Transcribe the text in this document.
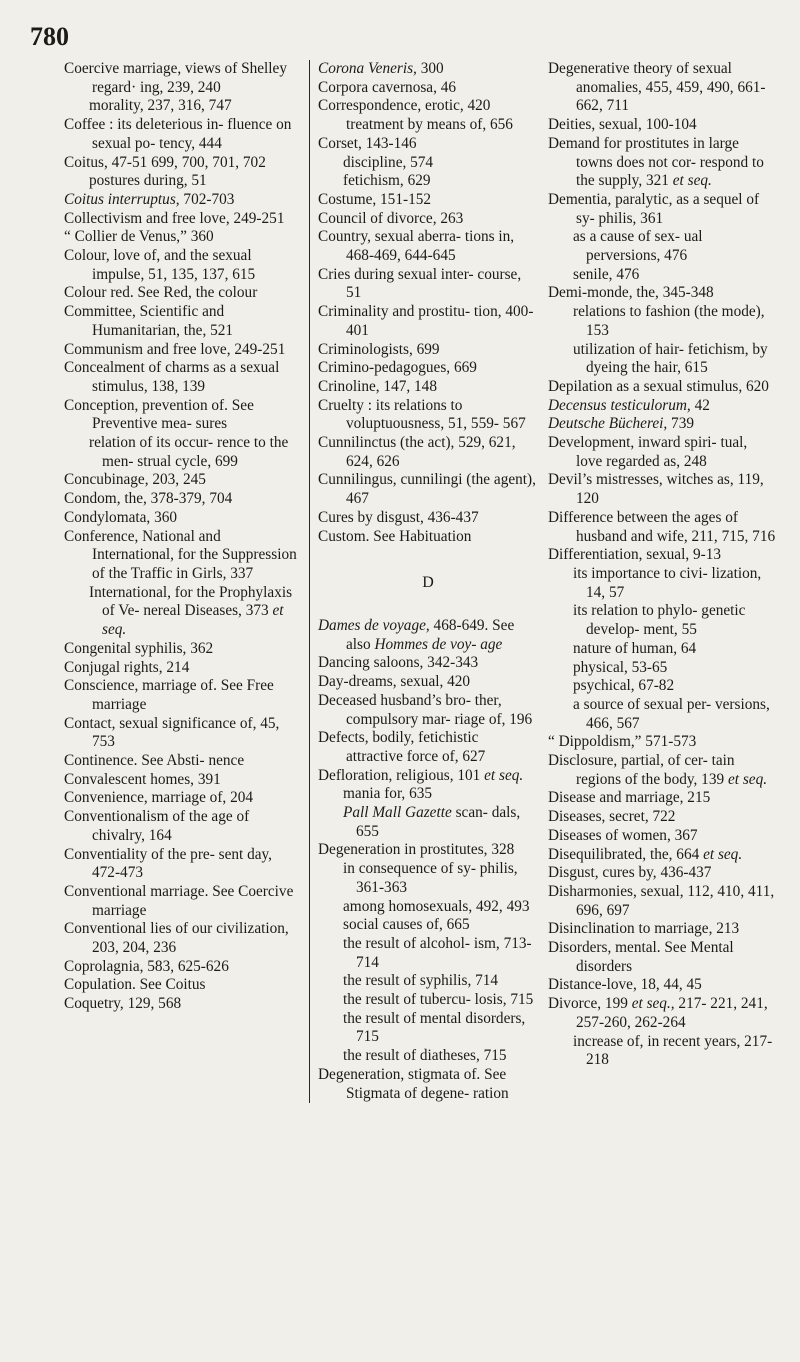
780
Coercive marriage, views of Shelley regard· ing, 239, 240
morality, 237, 316, 747
Coffee : its deleterious in- fluence on sexual po- tency, 444
Coitus, 47-51 699, 700, 701, 702
postures during, 51
Coitus interruptus, 702-703
Collectivism and free love, 249-251
“ Collier de Venus,” 360
Colour, love of, and the sexual impulse, 51, 135, 137, 615
Colour red. See Red, the colour
Committee, Scientific and Humanitarian, the, 521
Communism and free love, 249-251
Concealment of charms as a sexual stimulus, 138, 139
Conception, prevention of. See Preventive mea- sures
relation of its occur- rence to the men- strual cycle, 699
Concubinage, 203, 245
Condom, the, 378-379, 704
Condylomata, 360
Conference, National and International, for the Suppression of the Traffic in Girls, 337
International, for the Prophylaxis of Ve- nereal Diseases, 373 et seq.
Congenital syphilis, 362
Conjugal rights, 214
Conscience, marriage of. See Free marriage
Contact, sexual significance of, 45, 753
Continence. See Absti- nence
Convalescent homes, 391
Convenience, marriage of, 204
Conventionalism of the age of chivalry, 164
Conventiality of the pre- sent day, 472-473
Conventional marriage. See Coercive marriage
Conventional lies of our civilization, 203, 204, 236
Coprolagnia, 583, 625-626
Copulation. See Coitus
Coquetry, 129, 568
Corona Veneris, 300
Corpora cavernosa, 46
Correspondence, erotic, 420 treatment by means of, 656
Corset, 143-146
discipline, 574
fetichism, 629
Costume, 151-152
Council of divorce, 263
Country, sexual aberra- tions in, 468-469, 644-645
Cries during sexual inter- course, 51
Criminality and prostitu- tion, 400-401
Criminologists, 699
Crimino-pedagogues, 669
Crinoline, 147, 148
Cruelty : its relations to voluptuousness, 51, 559- 567
Cunnilinctus (the act), 529, 621, 624, 626
Cunnilingus, cunnilingi (the agent), 467
Cures by disgust, 436-437
Custom. See Habituation
D
Dames de voyage, 468-649. See also Hommes de voy- age
Dancing saloons, 342-343
Day-dreams, sexual, 420
Deceased husband’s bro- ther, compulsory mar- riage of, 196
Defects, bodily, fetichistic attractive force of, 627
Defloration, religious, 101 et seq.
mania for, 635
Pall Mall Gazette scan- dals, 655
Degeneration in prostitutes, 328
in consequence of sy- philis, 361-363
among homosexuals, 492, 493
social causes of, 665
the result of alcohol- ism, 713-714
the result of syphilis, 714
the result of tubercu- losis, 715
the result of mental disorders, 715
the result of diatheses, 715
Degeneration, stigmata of. See Stigmata of degene- ration
Degenerative theory of sexual anomalies, 455, 459, 490, 661-662, 711
Deities, sexual, 100-104
Demand for prostitutes in large towns does not cor- respond to the supply, 321 et seq.
Dementia, paralytic, as a sequel of sy- philis, 361
as a cause of sex- ual perversions, 476
senile, 476
Demi-monde, the, 345-348
relations to fashion (the mode), 153
utilization of hair- fetichism, by dyeing the hair, 615
Depilation as a sexual stimulus, 620
Decensus testiculorum, 42
Deutsche Bücherei, 739
Development, inward spiri- tual, love regarded as, 248
Devil’s mistresses, witches as, 119, 120
Difference between the ages of husband and wife, 211, 715, 716
Differentiation, sexual, 9-13
its importance to civi- lization, 14, 57
its relation to phylo- genetic develop- ment, 55
nature of human, 64
physical, 53-65
psychical, 67-82
a source of sexual per- versions, 466, 567
“ Dippoldism,” 571-573
Disclosure, partial, of cer- tain regions of the body, 139 et seq.
Disease and marriage, 215
Diseases, secret, 722
Diseases of women, 367
Disequilibrated, the, 664 et seq.
Disgust, cures by, 436-437
Disharmonies, sexual, 112, 410, 411, 696, 697
Disinclination to marriage, 213
Disorders, mental. See Mental disorders
Distance-love, 18, 44, 45
Divorce, 199 et seq., 217- 221, 241, 257-260, 262-264
increase of, in recent years, 217-218
